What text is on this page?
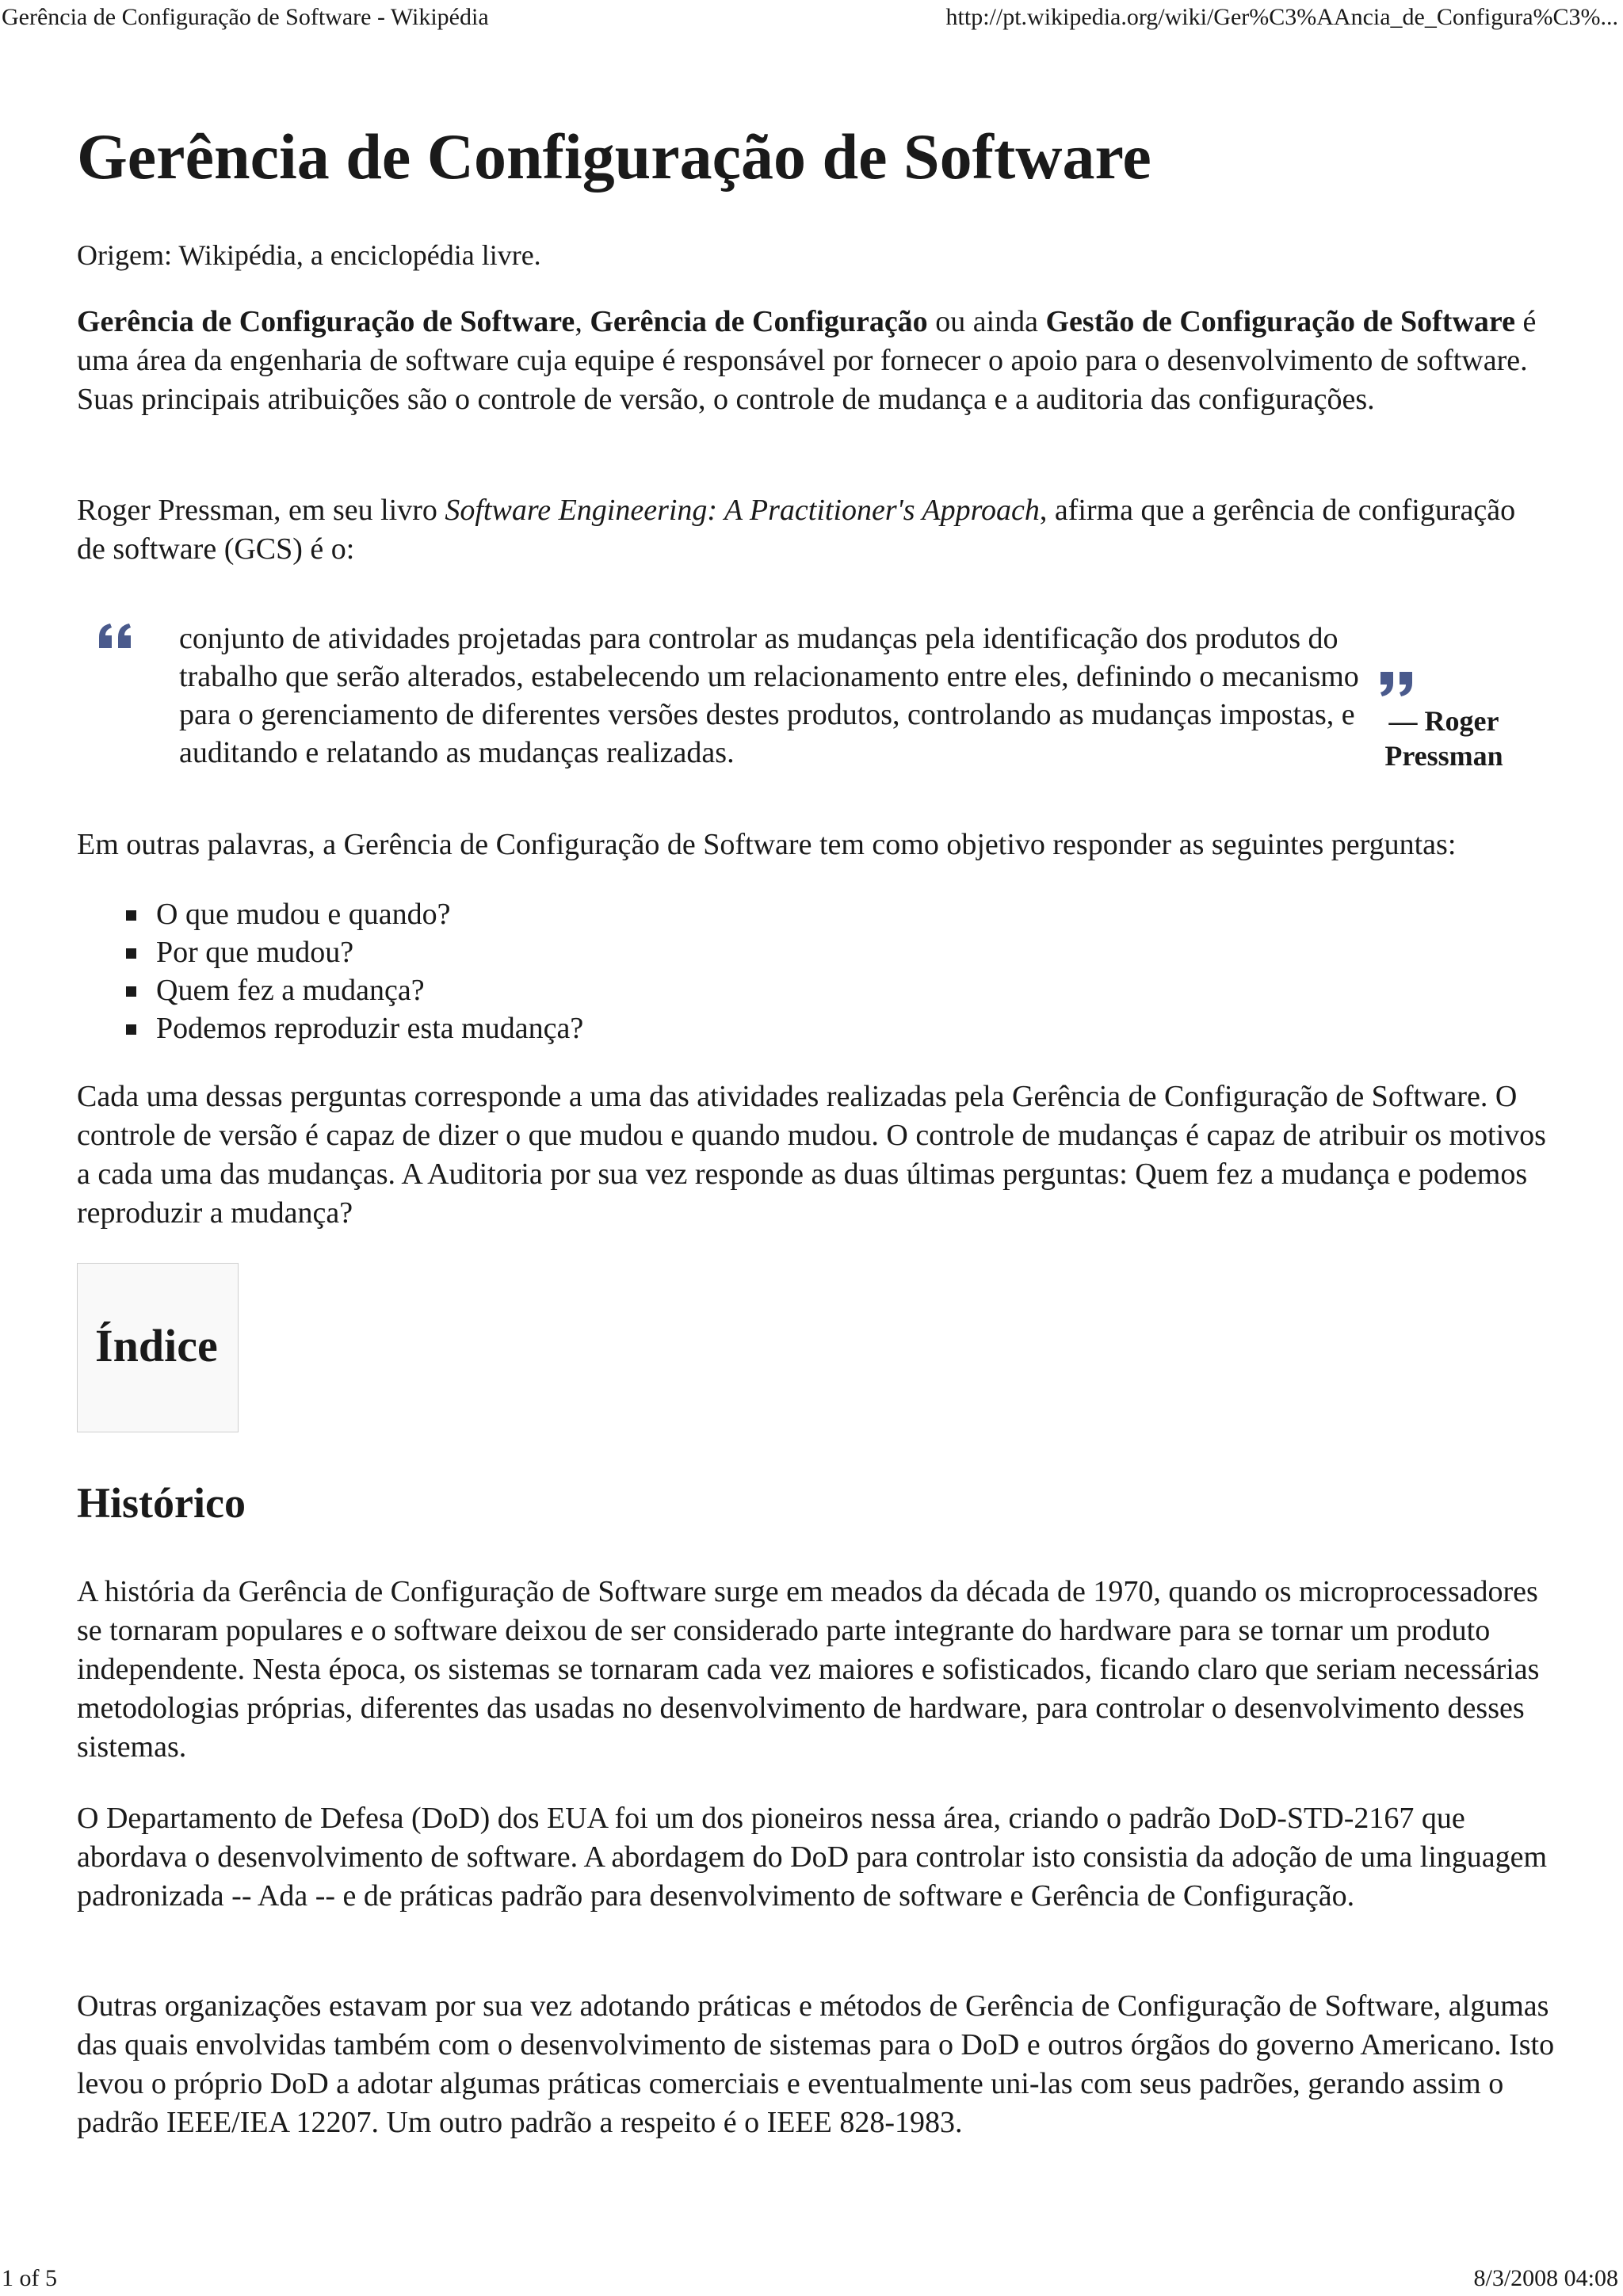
Gerência de Configuração de Software - Wikipédia	http://pt.wikipedia.org/wiki/Ger%C3%AAncia_de_Configura%C3%...
Gerência de Configuração de Software
Origem: Wikipédia, a enciclopédia livre.

Gerência de Configuração de Software, Gerência de Configuração ou ainda Gestão de Configuração de Software é uma área da engenharia de software cuja equipe é responsável por fornecer o apoio para o desenvolvimento de software. Suas principais atribuições são o controle de versão, o controle de mudança e a auditoria das configurações.

Roger Pressman, em seu livro Software Engineering: A Practitioner's Approach, afirma que a gerência de configuração de software (GCS) é o:

conjunto de atividades projetadas para controlar as mudanças pela identificação dos produtos do trabalho que serão alterados, estabelecendo um relacionamento entre eles, definindo o mecanismo para o gerenciamento de diferentes versões destes produtos, controlando as mudanças impostas, e auditando e relatando as mudanças realizadas.
— Roger Pressman

Em outras palavras, a Gerência de Configuração de Software tem como objetivo responder as seguintes perguntas:

O que mudou e quando?
Por que mudou?
Quem fez a mudança?
Podemos reproduzir esta mudança?

Cada uma dessas perguntas corresponde a uma das atividades realizadas pela Gerência de Configuração de Software. O controle de versão é capaz de dizer o que mudou e quando mudou. O controle de mudanças é capaz de atribuir os motivos a cada uma das mudanças. A Auditoria por sua vez responde as duas últimas perguntas: Quem fez a mudança e podemos reproduzir a mudança?

Índice
Histórico

A história da Gerência de Configuração de Software surge em meados da década de 1970, quando os microprocessadores se tornaram populares e o software deixou de ser considerado parte integrante do hardware para se tornar um produto independente. Nesta época, os sistemas se tornaram cada vez maiores e sofisticados, ficando claro que seriam necessárias metodologias próprias, diferentes das usadas no desenvolvimento de hardware, para controlar o desenvolvimento desses sistemas.

O Departamento de Defesa (DoD) dos EUA foi um dos pioneiros nessa área, criando o padrão DoD-STD-2167 que abordava o desenvolvimento de software. A abordagem do DoD para controlar isto consistia da adoção de uma linguagem padronizada -- Ada -- e de práticas padrão para desenvolvimento de software e Gerência de Configuração.

Outras organizações estavam por sua vez adotando práticas e métodos de Gerência de Configuração de Software, algumas das quais envolvidas também com o desenvolvimento de sistemas para o DoD e outros órgãos do governo Americano. Isto levou o próprio DoD a adotar algumas práticas comerciais e eventualmente uni-las com seus padrões, gerando assim o padrão IEEE/IEA 12207. Um outro padrão a respeito é o IEEE 828-1983.

1 of 5	8/3/2008 04:08
